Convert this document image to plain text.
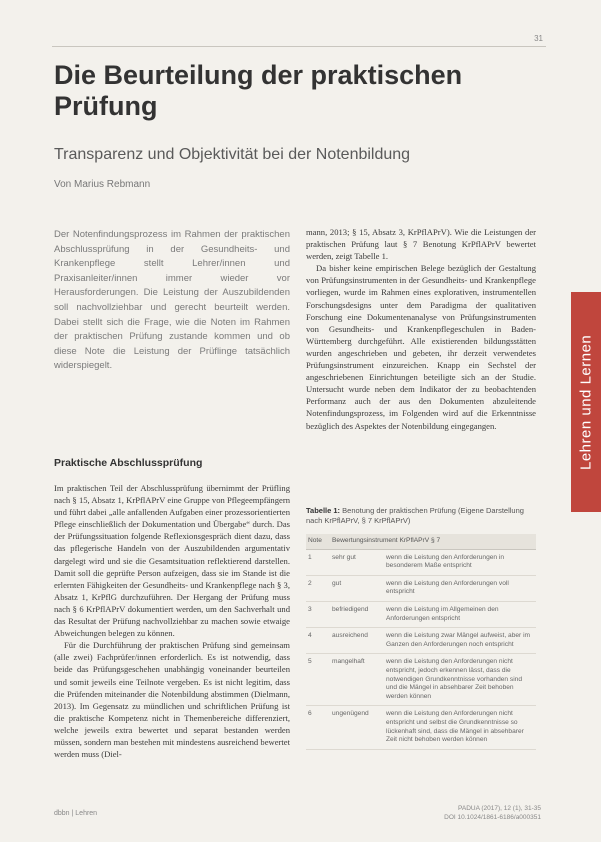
31
Die Beurteilung der praktischen Prüfung
Transparenz und Objektivität bei der Notenbildung
Von Marius Rebmann
Lehren und Lernen
Der Notenfindungsprozess im Rahmen der praktischen Abschlussprüfung in der Gesundheits- und Krankenpflege stellt Lehrer/innen und Praxisanleiter/innen immer wieder vor Herausforderungen. Die Leistung der Auszubildenden soll nachvollziehbar und gerecht beurteilt werden. Dabei stellt sich die Frage, wie die Noten im Rahmen der praktischen Prüfung zustande kommen und ob diese Note die Leistung der Prüflinge tatsächlich widerspiegelt.
Praktische Abschlussprüfung

Im praktischen Teil der Abschlussprüfung übernimmt der Prüfling nach § 15, Absatz 1, KrPflAPrV eine Gruppe von Pflegeempfängern und führt dabei „alle anfallenden Aufgaben einer prozessorientierten Pflege einschließlich der Dokumentation und Übergabe“ durch. Das der Prüfungssituation folgende Reflexionsgespräch dient dazu, dass das pflegerische Handeln von der Auszubildenden argumentativ dargelegt wird und sie die Gesamtsituation reflektierend darstellen. Damit soll die geprüfte Person aufzeigen, dass sie im Stande ist die erlernten Fähigkeiten der Gesundheits- und Krankenpflege nach § 3, Absatz 1, KrPflG durchzuführen. Der Hergang der Prüfung muss nach § 6 KrPflAPrV dokumentiert werden, um den Sachverhalt und das Resultat der Prüfung nachvollziehbar zu machen sowie etwaige Abweichungen belegen zu können.

Für die Durchführung der praktischen Prüfung sind gemeinsam (alle zwei) Fachprüfer/innen erforderlich. Es ist notwendig, dass beide das Prüfungsgeschehen unabhängig voneinander beurteilen und somit jeweils eine Teilnote vergeben. Es ist nicht legitim, dass die Prüfenden miteinander die Notenbildung abstimmen (Dielmann, 2013). Im Gegensatz zu mündlichen und schriftlichen Prüfung ist die praktische Kompetenz nicht in Themenbereiche differenziert, welche jeweils extra bewertet und separat bestanden werden müssen, sondern man bestehen mit mindestens ausreichend bewertet werden muss (Diel-

mann, 2013; § 15, Absatz 3, KrPflAPrV). Wie die Leistungen der praktischen Prüfung laut § 7 Benotung KrPflAPrV bewertet werden, zeigt Tabelle 1.

Da bisher keine empirischen Belege bezüglich der Gestaltung von Prüfungsinstrumenten in der Gesundheits- und Krankenpflege vorliegen, wurde im Rahmen eines explorativen, instrumentellen Forschungsdesigns unter dem Paradigma der qualitativen Forschung eine Dokumentenanalyse von Prüfungsinstrumenten von Gesundheits- und Krankenpflegeschulen in Baden-Württemberg durchgeführt. Alle existierenden bildungsstätten wurden angeschrieben und gebeten, ihr derzeit verwendetes Prüfungsinstrument einzureichen. Knapp ein Sechstel der angeschriebenen Einrichtungen beteiligte sich an der Studie. Untersucht wurde neben dem Indikator der zu beobachtenden Performanz auch der aus den Dokumenten abzuleitende Notenfindungsprozess, im Folgenden wird auf die Erkenntnisse bezüglich des Aspektes der Notenbildung eingegangen.

Tabelle 1: Benotung der praktischen Prüfung (Eigene Darstellung nach KrPflAPrV, § 7 KrPflAPrV)
Note	Bewertungsinstrument KrPflAPrV § 7	
1	sehr gut	wenn die Leistung den Anforderungen in besonderem Maße entspricht
2	gut	wenn die Leistung den Anforderungen voll entspricht
3	befriedigend	wenn die Leistung im Allgemeinen den Anforderungen entspricht
4	ausreichend	wenn die Leistung zwar Mängel aufweist, aber im Ganzen den Anforderungen noch entspricht
5	mangelhaft	wenn die Leistung den Anforderungen nicht entspricht, jedoch erkennen lässt, dass die notwendigen Grundkenntnisse vorhanden sind und die Mängel in absehbarer Zeit behoben werden können
6	ungenügend	wenn die Leistung den Anforderungen nicht entspricht und selbst die Grundkenntnisse so lückenhaft sind, dass die Mängel in absehbarer Zeit nicht behoben werden können
dbbn | Lehren
PADUA (2017), 12 (1), 31-35
DOI 10.1024/1861-6186/a000351
